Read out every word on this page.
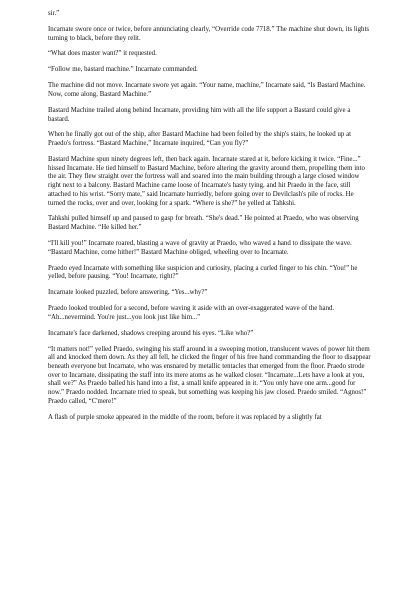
sir.”

Incarnate swore once or twice, before annunciating clearly, “Override code 7718.” The machine shut down, its lights turning to black, before they relit.

“What does master want?” it requested.

“Follow me, bastard machine.” Incarnate commanded.

The machine did not move. Incarnate swore yet again. “Your name, machine,” Incarnate said, “Is Bastard Machine. Now, come along, Bastard Machine.”

Bastard Machine trailed along behind Incarnate, providing him with all the life support a Bastard could give a bastard.

When he finally got out of the ship, after Bastard Machine had been foiled by the ship's stairs, he looked up at Praedo's fortress. “Bastard Machine,” Incarnate inquired, “Can you fly?”

Bastard Machine spun ninety degrees left, then back again. Incarnate stared at it, before kicking it twice. “Fine...” hissed Incarnate. He tied himself to Bastard Machine, before altering the gravity around them, propelling them into the air. They flew straight over the fortress wall and soared into the main building through a large closed window right next to a balcony. Bastard Machine came loose of Incarnate's hasty tying, and hit Praedo in the face, still attached to his wrist. “Sorry mate,” said Incarnate hurriedly, before going over to Devilclash's pile of rocks. He turned the rocks, over and over, looking for a spark. “Where is she?” he yelled at Tahkshi.

Tahkshi pulled himself up and paused to gasp for breath. “She's dead.” He pointed at Praedo, who was observing Bastard Machine. “He killed her.”

“I'll kill you!” Incarnate roared, blasting a wave of gravity at Praedo, who waved a hand to dissipate the wave. “Bastard Machine, come hither!” Bastard Machine obliged, wheeling over to Incarnate.

Praedo eyed Incarnate with something like suspicion and curiosity, placing a curled finger to his chin. “You!” he yelled, before pausing. “You! Incarnate, right?”

Incarnate looked puzzled, before answering, “Yes...why?”

Praedo looked troubled for a second, before waving it aside with an over-exaggerated wave of the hand. “Ah...nevermind. You're just...you look just like him...”

Incarnate's face darkened, shadows creeping around his eyes. “Like who?”

“It matters not!” yelled Praedo, swinging his staff around in a sweeping motion, translucent waves of power hit them all and knocked them down. As they all fell, he clicked the finger of his free hand commanding the floor to disappear beneath everyone but Incarnate, who was ensnared by metallic tentacles that emerged from the floor. Praedo strode over to Incarnate, dissipating the staff into its mere atoms as he walked closer. “Incarnate...Lets have a look at you, shall we?” As Praedo balled his hand into a fist, a small knife appeared in it. “You only have one arm...good for now.” Praedo nodded. Incarnate tried to speak, but something was keeping his jaw closed. Praedo smiled. “Agnos!” Praedo called, “C'mere!”

A flash of purple smoke appeared in the middle of the room, before it was replaced by a slightly fat
